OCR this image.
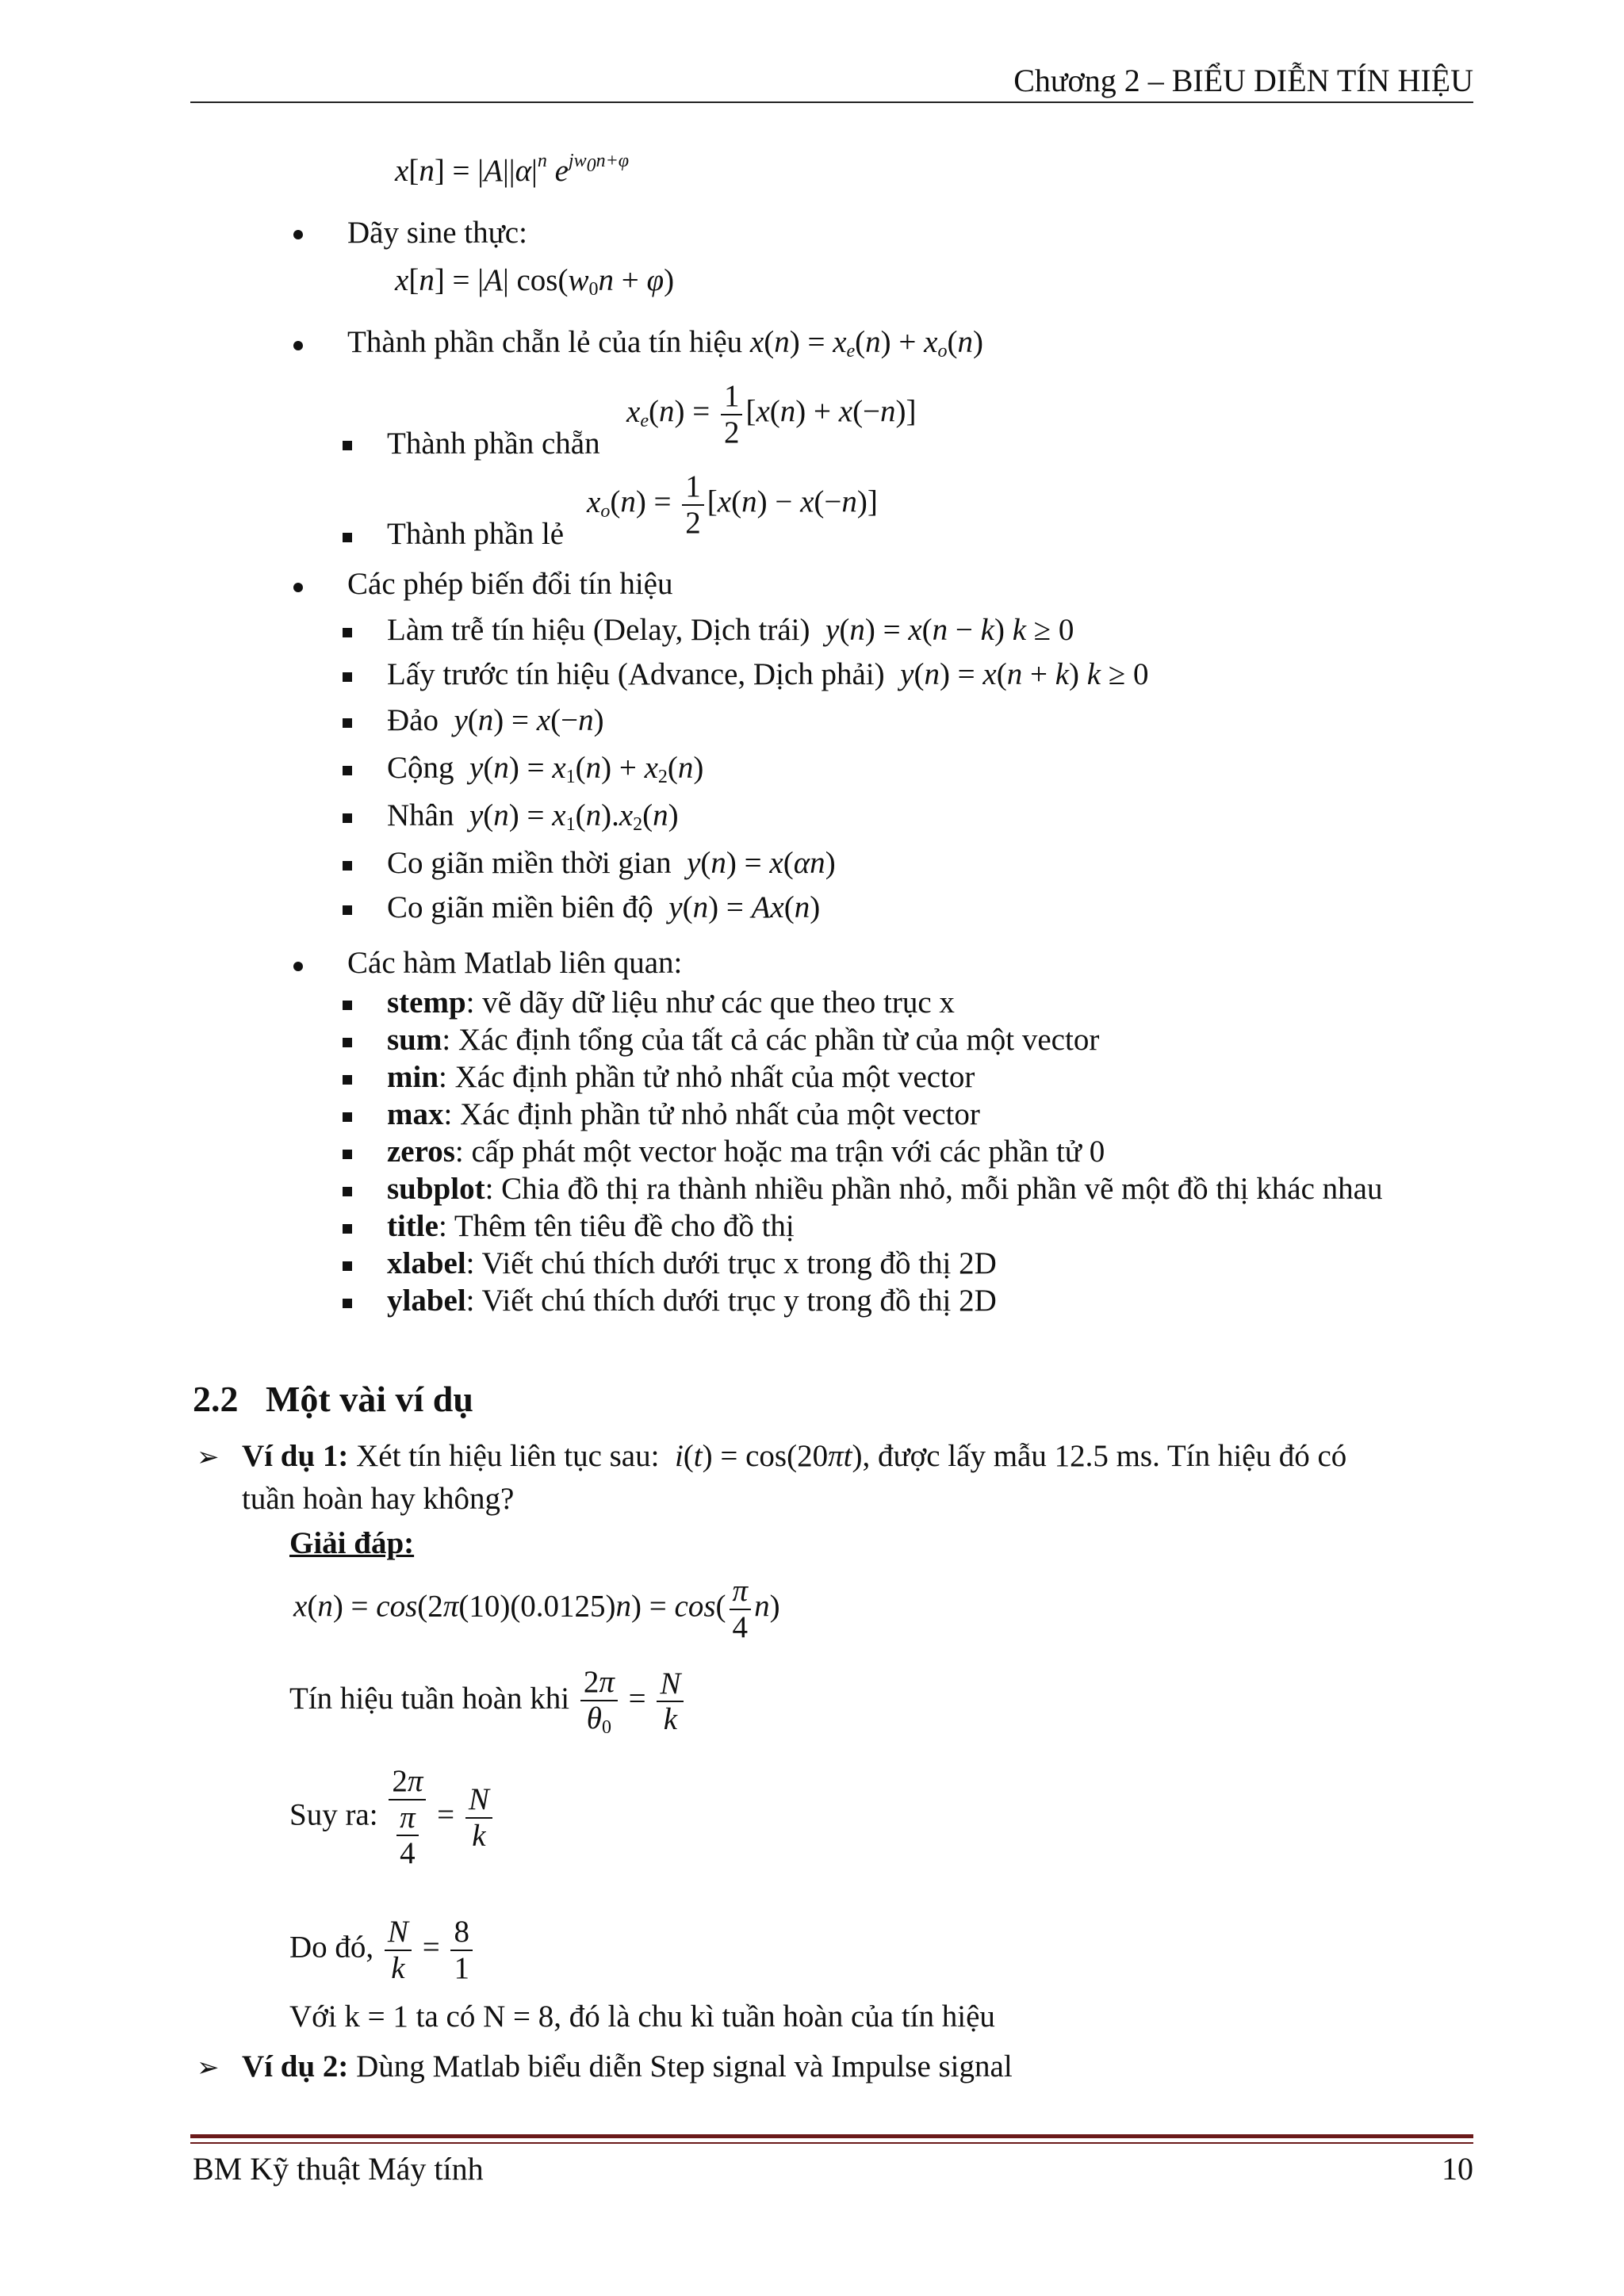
Chương 2 – BIỂU DIỄN TÍN HIỆU
$x[n] = |A||\alpha|^n$ $e^{jw_0n+\varphi}$
Dãy sine thực:
x[n] = |A| $\cos(w_0n + \varphi)$
Thành phần chẵn lẻ của tín hiệu $x(n) = x_e(n) + x_o(n)$
$x_e(n) = \frac{1}{2} [x(n) + x(-n)]$
Thành phần chẵn
$x_o(n) = \frac{1}{2} [x(n) - x(-n)]$
Thành phần lẻ
Các phép biến đổi tín hiệu
Làm trễ tín hiệu (Delay, Dịch trái) y(n) = x(n − k) k ≥ 0
Lấy trước tín hiệu (Advance, Dịch phải) y(n) = x(n + k) k ≥ 0
Đảo y(n) = x(−n)
Cộng $y(n) = x_1(n) + x_2(n)$
Nhân $y(n) = x_1(n).x_2(n)$
Co giãn miền thời gian y(n) = x(αn)
Co giãn miền biên độ y(n) = Ax(n)
Các hàm Matlab liên quan:
stemp: vẽ dãy dữ liệu như các que theo trục x
sum: Xác định tổng của tất cả các phần từ của một vector
min: Xác định phần tử nhỏ nhất của một vector
max: Xác định phần tử nhỏ nhất của một vector
zeros: cấp phát một vector hoặc ma trận với các phần tử 0
subplot: Chia đồ thị ra thành nhiều phần nhỏ, mỗi phần vẽ một đồ thị khác nhau
title: Thêm tên tiêu đề cho đồ thị
xlabel: Viết chú thích dưới trục x trong đồ thị 2D
ylabel: Viết chú thích dưới trục y trong đồ thị 2D
2.2 Một vài ví dụ
➢ Ví dụ 1: Xét tín hiệu liên tục sau: i(t) = cos(20πt), được lấy mẫu 12.5 ms. Tín hiệu đó có
tuần hoàn hay không?
Giải đáp:
$x(n) = \cos(2\pi(10)(0.0125)n) = \cos( \frac{\pi}{4} n)$
Tín hiệu tuần hoàn khi $\frac{2\pi}{\theta_0} = \frac{N}{k}$
Suy ra: $\frac{2\pi}{\frac{\pi}{4}} = \frac{N}{k}$
Do đó, $\frac{N}{k} = \frac{8}{1}$
Với k = 1 ta có N = 8, đó là chu kì tuần hoàn của tín hiệu
➢ Ví dụ 2: Dùng Matlab biểu diễn Step signal và Impulse signal
BM Kỹ thuật Máy tính	10
